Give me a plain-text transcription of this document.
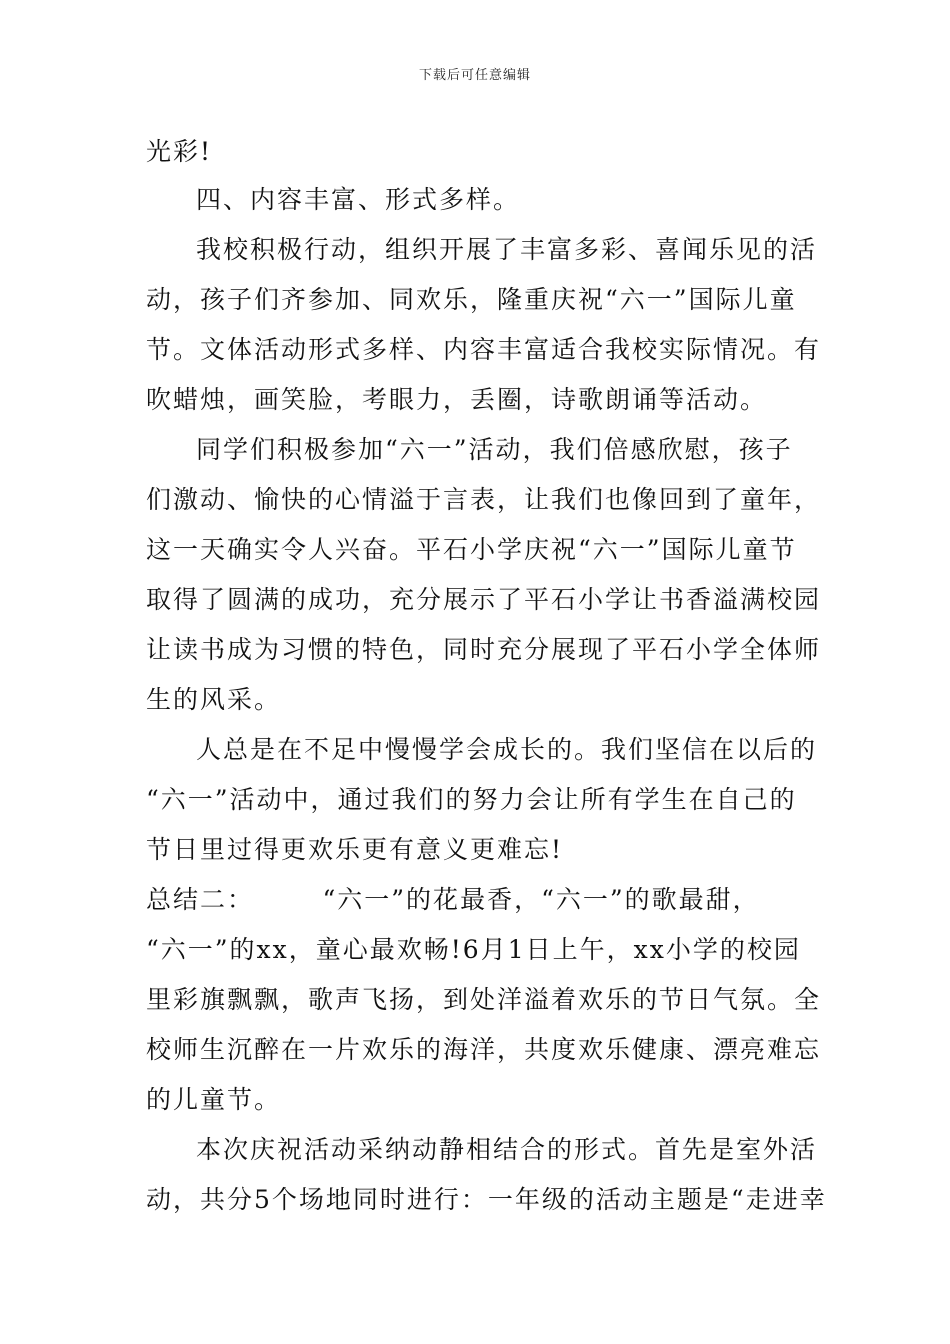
下载后可任意编辑
光彩!
四、内容丰富、形式多样。
我校积极行动，组织开展了丰富多彩、喜闻乐见的活
动，孩子们齐参加、同欢乐，隆重庆祝“六一”国际儿童
节。文体活动形式多样、内容丰富适合我校实际情况。有
吹蜡烛，画笑脸，考眼力，丢圈，诗歌朗诵等活动。
同学们积极参加“六一”活动，我们倍感欣慰，孩子
们激动、愉快的心情溢于言表，让我们也像回到了童年，
这一天确实令人兴奋。平石小学庆祝“六一”国际儿童节
取得了圆满的成功，充分展示了平石小学让书香溢满校园
让读书成为习惯的特色，同时充分展现了平石小学全体师
生的风采。
人总是在不足中慢慢学会成长的。我们坚信在以后的
“六一”活动中，通过我们的努力会让所有学生在自己的
节日里过得更欢乐更有意义更难忘!
总结二：　　　“六一”的花最香，“六一”的歌最甜，
“六一”的xx，童心最欢畅!6月1日上午，xx小学的校园
里彩旗飘飘，歌声飞扬，到处洋溢着欢乐的节日气氛。全
校师生沉醉在一片欢乐的海洋，共度欢乐健康、漂亮难忘
的儿童节。
本次庆祝活动采纳动静相结合的形式。首先是室外活
动，共分5个场地同时进行：一年级的活动主题是“走进幸
